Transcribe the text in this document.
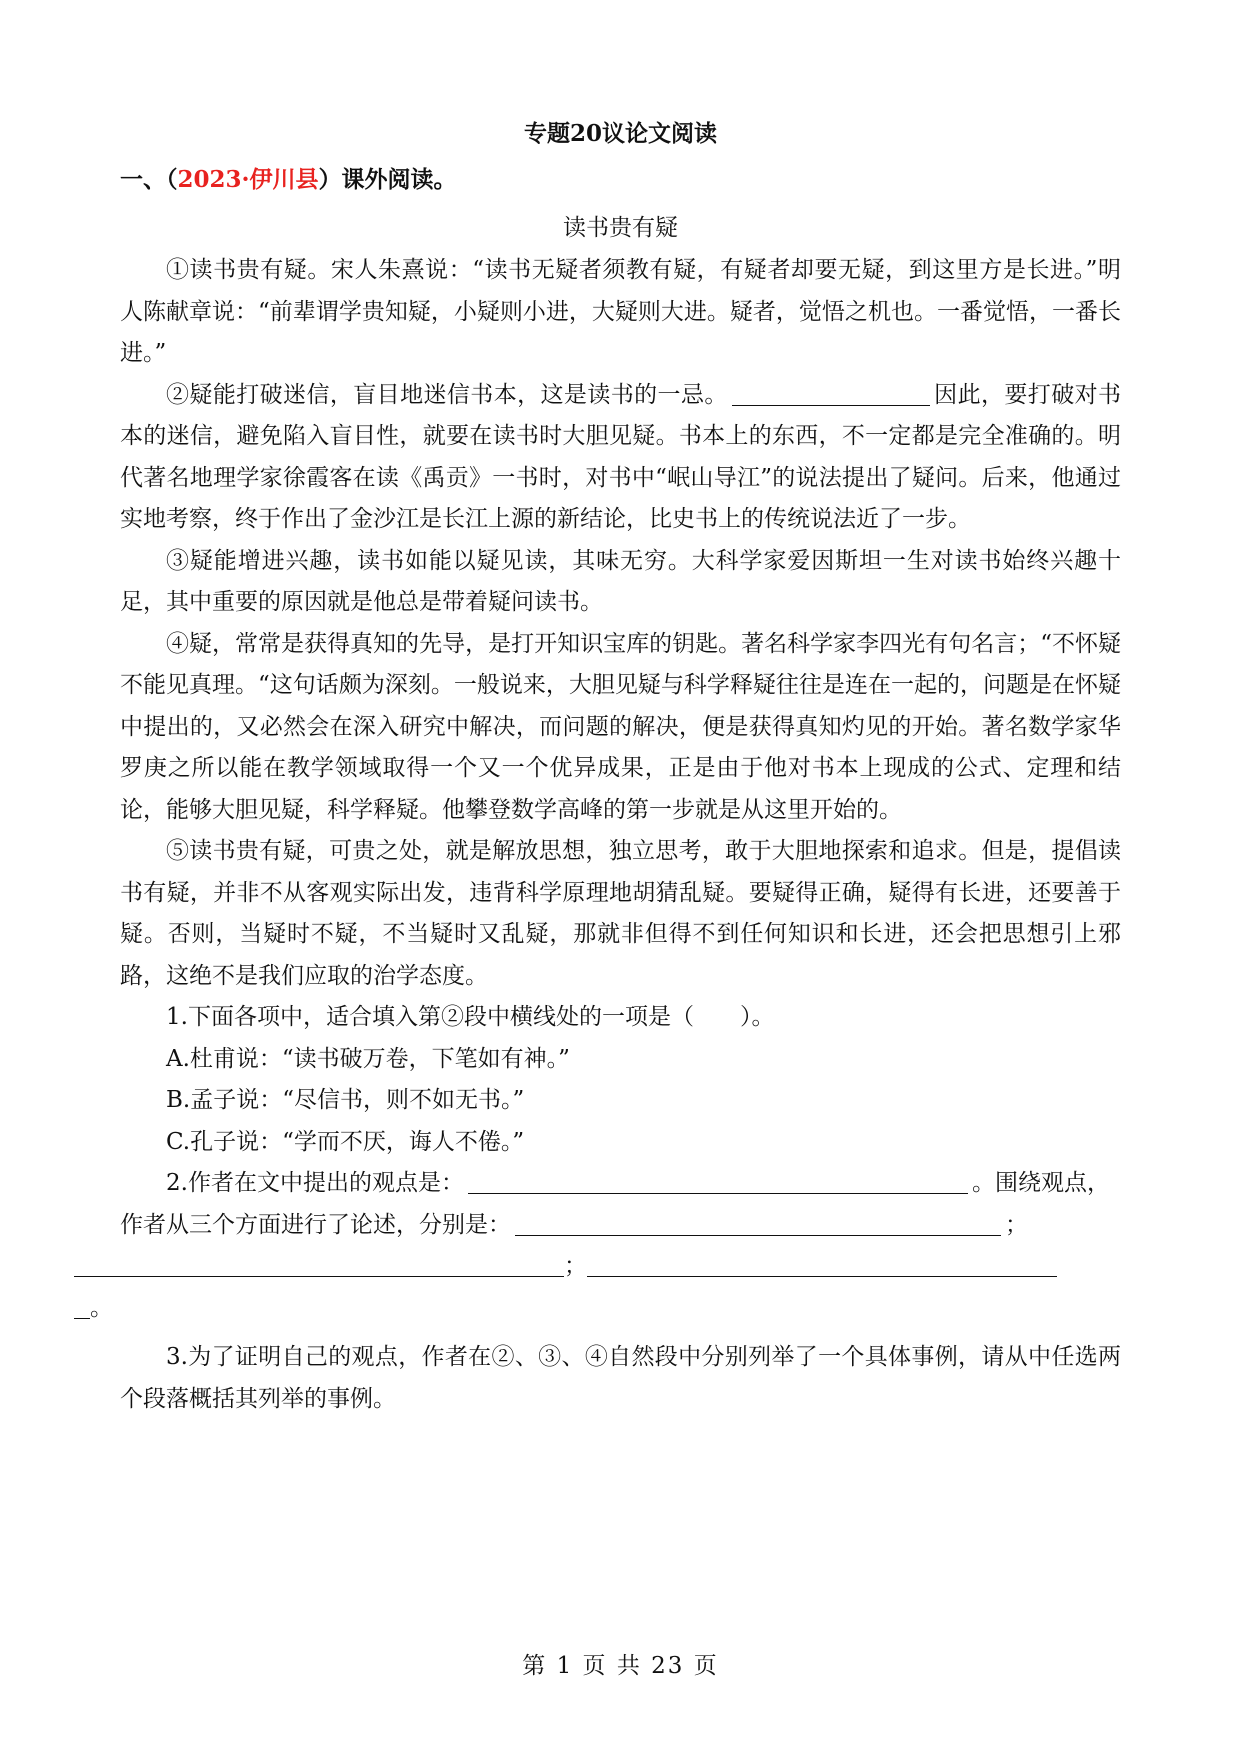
专题20议论文阅读
一、（2023·伊川县）课外阅读。
读书贵有疑

①读书贵有疑。宋人朱熹说：“读书无疑者须教有疑，有疑者却要无疑，到这里方是长进。”明人陈献章说：“前辈谓学贵知疑，小疑则小进，大疑则大进。疑者，觉悟之机也。一番觉悟，一番长进。”

②疑能打破迷信，盲目地迷信书本，这是读书的一忌。	因此，要打破对书本的迷信，避免陷入盲目性，就要在读书时大胆见疑。书本上的东西，不一定都是完全准确的。明代著名地理学家徐霞客在读《禹贡》一书时，对书中“岷山导江”的说法提出了疑问。后来，他通过实地考察，终于作出了金沙江是长江上源的新结论，比史书上的传统说法近了一步。

③疑能增进兴趣，读书如能以疑见读，其味无穷。大科学家爱因斯坦一生对读书始终兴趣十足，其中重要的原因就是他总是带着疑问读书。

④疑，常常是获得真知的先导，是打开知识宝库的钥匙。著名科学家李四光有句名言；“不怀疑不能见真理。“这句话颇为深刻。一般说来，大胆见疑与科学释疑往往是连在一起的，问题是在怀疑中提出的，又必然会在深入研究中解决，而问题的解决，便是获得真知灼见的开始。著名数学家华罗庚之所以能在教学领域取得一个又一个优异成果，正是由于他对书本上现成的公式、定理和结论，能够大胆见疑，科学释疑。他攀登数学高峰的第一步就是从这里开始的。

⑤读书贵有疑，可贵之处，就是解放思想，独立思考，敢于大胆地探索和追求。但是，提倡读书有疑，并非不从客观实际出发，违背科学原理地胡猜乱疑。要疑得正确，疑得有长进，还要善于疑。否则，当疑时不疑，不当疑时又乱疑，那就非但得不到任何知识和长进，还会把思想引上邪路，这绝不是我们应取的治学态度。

1.下面各项中，适合填入第②段中横线处的一项是（　　）。

A.杜甫说：“读书破万卷，下笔如有神。”

B.孟子说：“尽信书，则不如无书。”

C.孔子说：“学而不厌，诲人不倦。”

2.作者在文中提出的观点是：	。围绕观点，作者从三个方面进行了论述，分别是：	；
；
。

3.为了证明自己的观点，作者在②、③、④自然段中分别列举了一个具体事例，请从中任选两个段落概括其列举的事例。

第 1 页 共 23 页
